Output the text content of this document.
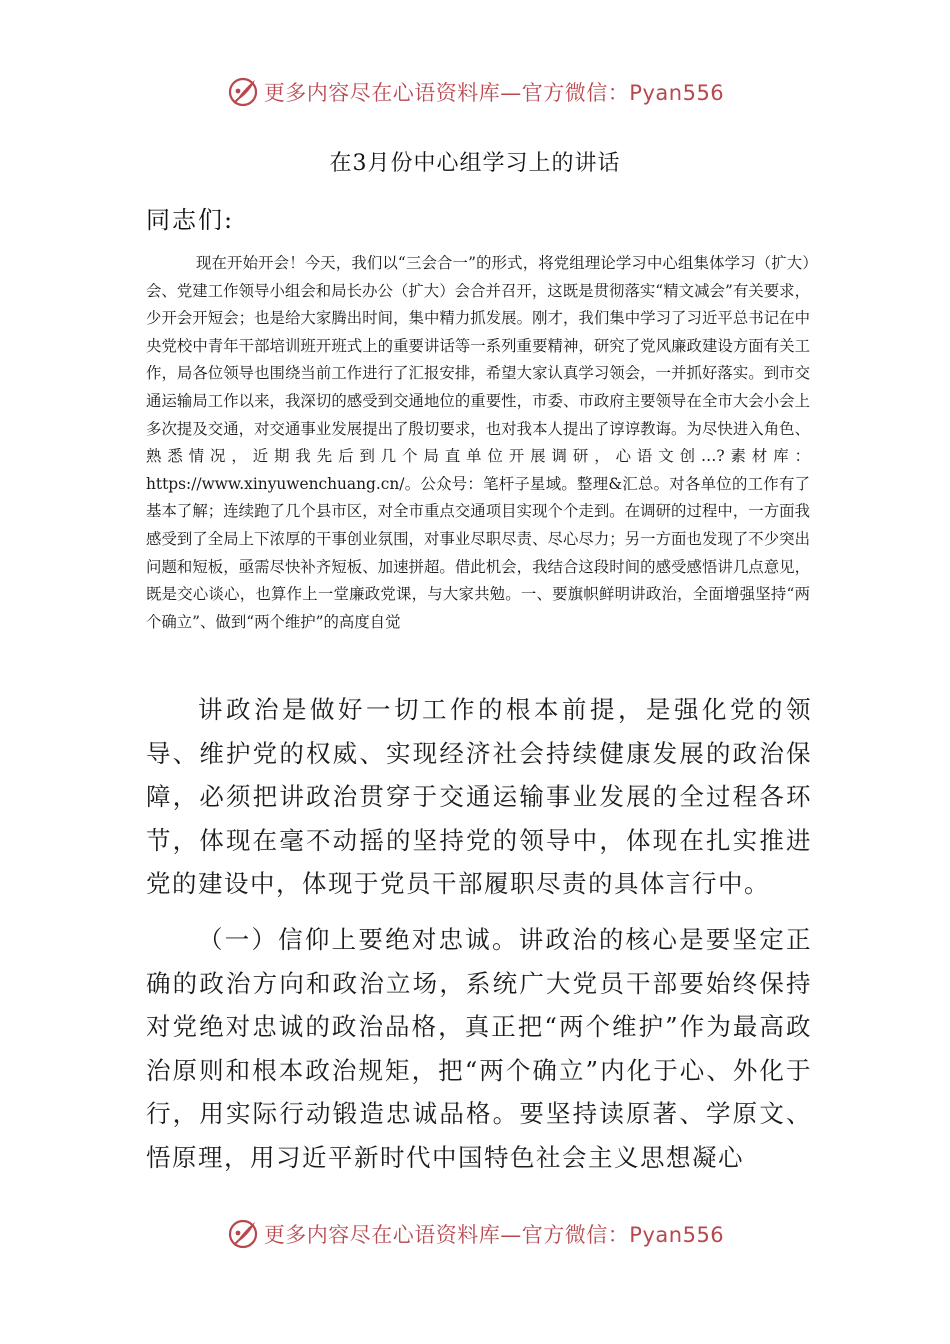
更多内容尽在心语资料库—官方微信：Pyan556
在3月份中心组学习上的讲话
同志们:

现在开始开会！今天，我们以“三会合一”的形式，将党组理论学习中心组集体学习（扩大）会、党建工作领导小组会和局长办公（扩大）会合并召开，这既是贯彻落实“精文减会”有关要求，少开会开短会；也是给大家腾出时间，集中精力抓发展。刚才，我们集中学习了习近平总书记在中央党校中青年干部培训班开班式上的重要讲话等一系列重要精神，研究了党风廉政建设方面有关工作，局各位领导也围绕当前工作进行了汇报安排，希望大家认真学习领会，一并抓好落实。到市交通运输局工作以来，我深切的感受到交通地位的重要性，市委、市政府主要领导在全市大会小会上多次提及交通，对交通事业发展提出了殷切要求，也对我本人提出了谆谆教诲。为尽快进入角色、熟悉情况，近期我先后到几个局直单位开展调研，心语文创…?素材库：https://www.xinyuwenchuang.cn/。公众号：笔杆子星域。整理&汇总。对各单位的工作有了基本了解；连续跑了几个县市区，对全市重点交通项目实现个个走到。在调研的过程中，一方面我感受到了全局上下浓厚的干事创业氛围，对事业尽职尽责、尽心尽力；另一方面也发现了不少突出问题和短板，亟需尽快补齐短板、加速拼超。借此机会，我结合这段时间的感受感悟讲几点意见，既是交心谈心，也算作上一堂廉政党课，与大家共勉。一、要旗帜鲜明讲政治，全面增强坚持“两个确立”、做到“两个维护”的高度自觉

讲政治是做好一切工作的根本前提，是强化党的领导、维护党的权威、实现经济社会持续健康发展的政治保障，必须把讲政治贯穿于交通运输事业发展的全过程各环节，体现在毫不动摇的坚持党的领导中，体现在扎实推进党的建设中，体现于党员干部履职尽责的具体言行中。

（一）信仰上要绝对忠诚。讲政治的核心是要坚定正确的政治方向和政治立场，系统广大党员干部要始终保持对党绝对忠诚的政治品格，真正把“两个维护”作为最高政治原则和根本政治规矩，把“两个确立”内化于心、外化于行，用实际行动锻造忠诚品格。要坚持读原著、学原文、悟原理，用习近平新时代中国特色社会主义思想凝心

更多内容尽在心语资料库—官方微信：Pyan556
